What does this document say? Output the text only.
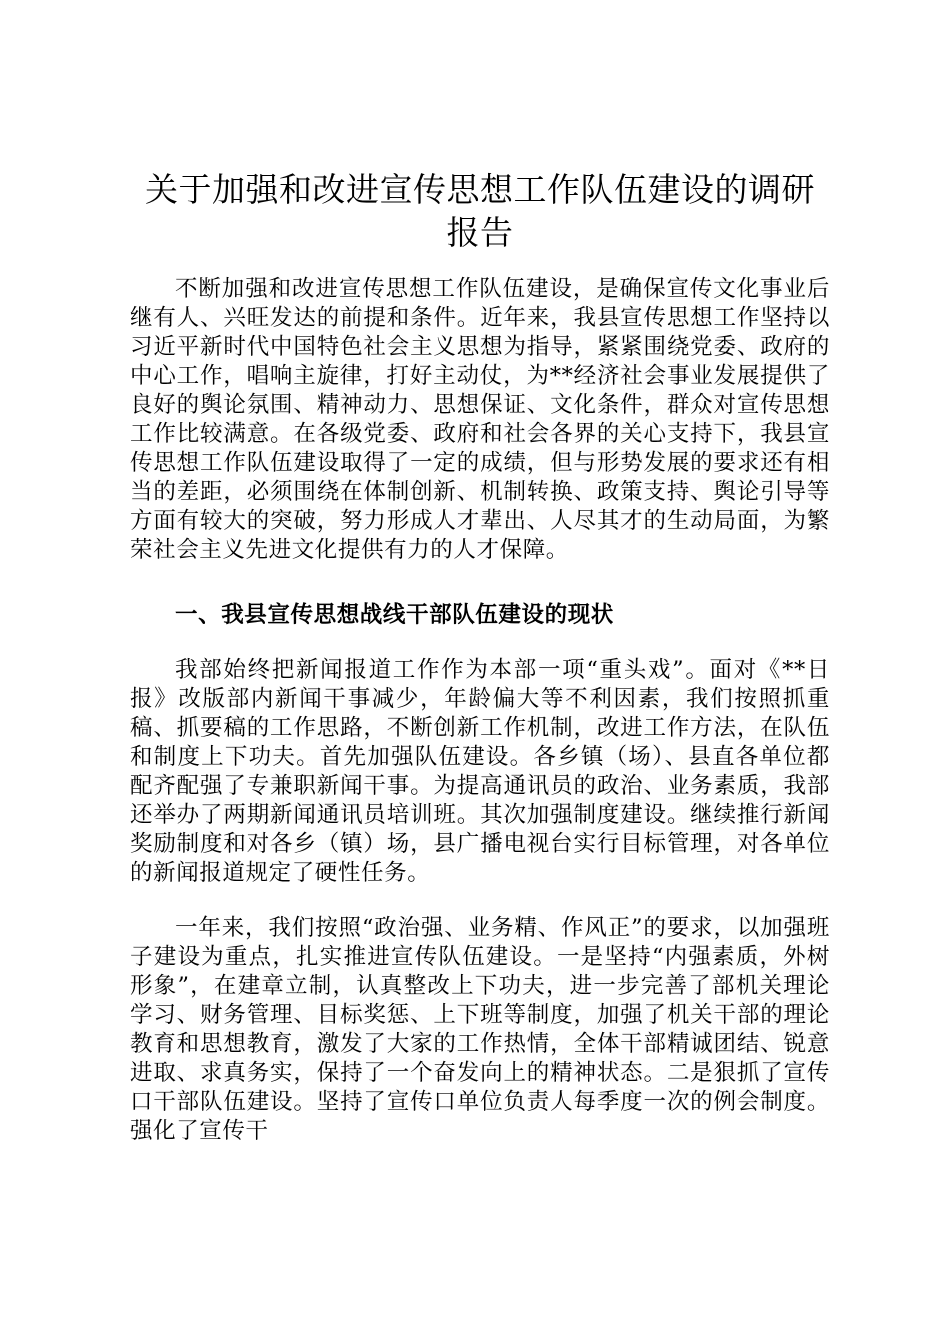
关于加强和改进宣传思想工作队伍建设的调研报告

不断加强和改进宣传思想工作队伍建设，是确保宣传文化事业后继有人、兴旺发达的前提和条件。近年来，我县宣传思想工作坚持以习近平新时代中国特色社会主义思想为指导，紧紧围绕党委、政府的中心工作，唱响主旋律，打好主动仗，为**经济社会事业发展提供了良好的舆论氛围、精神动力、思想保证、文化条件，群众对宣传思想工作比较满意。在各级党委、政府和社会各界的关心支持下，我县宣传思想工作队伍建设取得了一定的成绩，但与形势发展的要求还有相当的差距，必须围绕在体制创新、机制转换、政策支持、舆论引导等方面有较大的突破，努力形成人才辈出、人尽其才的生动局面，为繁荣社会主义先进文化提供有力的人才保障。

一、我县宣传思想战线干部队伍建设的现状

我部始终把新闻报道工作作为本部一项“重头戏”。面对《**日报》改版部内新闻干事减少，年龄偏大等不利因素，我们按照抓重稿、抓要稿的工作思路，不断创新工作机制，改进工作方法，在队伍和制度上下功夫。首先加强队伍建设。各乡镇（场）、县直各单位都配齐配强了专兼职新闻干事。为提高通讯员的政治、业务素质，我部还举办了两期新闻通讯员培训班。其次加强制度建设。继续推行新闻奖励制度和对各乡（镇）场，县广播电视台实行目标管理，对各单位的新闻报道规定了硬性任务。

一年来，我们按照“政治强、业务精、作风正”的要求，以加强班子建设为重点，扎实推进宣传队伍建设。一是坚持“内强素质，外树形象”，在建章立制，认真整改上下功夫，进一步完善了部机关理论学习、财务管理、目标奖惩、上下班等制度，加强了机关干部的理论教育和思想教育，激发了大家的工作热情，全体干部精诚团结、锐意进取、求真务实，保持了一个奋发向上的精神状态。二是狠抓了宣传口干部队伍建设。坚持了宣传口单位负责人每季度一次的例会制度。强化了宣传干
